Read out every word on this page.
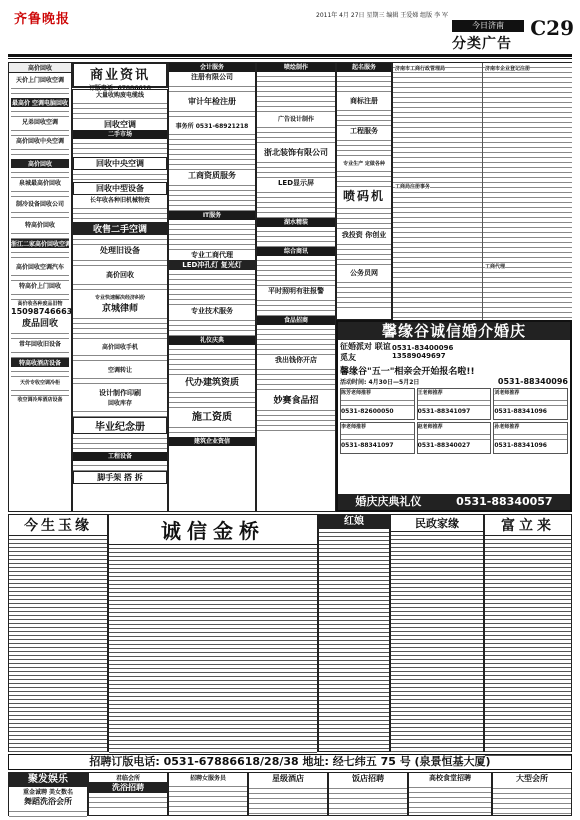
齐鲁晚报	2011年 4月 27日 星期三 编辑 王爱娣 组版 李 军
今日济南
分类广告
C29
高价回收
天价上门回收空调
最高价 空调电脑回收
兄弟回收空调
高价回收中央空调
高价回收
泉城最高价回收
制冷设备回收公司
特高价回收
浙江二家高价回收空调
高价回收空调汽车
特高价上门回收
高价收各种废品旧物
15098746663
废品回收
常年回收旧设备
特高收酒店设备
天价专收空调冷柜
收空调冷库酒店设备
商业资讯
订版电话: 67886618
大量收购废电缆线
回收空调
二手市场
回收中央空调
回收中型设备
长年收各种旧机械物资
收售二手空调
处理旧设备
高价回收
专业快速解决经济纠纷
京城律师
高价回收手机
空调转让
设计制作印刷
回收库存
毕业纪念册
工程设备
脚手架 搭 拆
会计服务
注册有限公司
审计年检注册
事务所 0531-68921218
工商资质服务
IT服务
专业工商代理
LED冲孔灯 复光灯
专业技术服务
礼仪庆典
代办建筑资质
施工资质
建筑企业资信
喷绘制作
广告设计制作
浙北装饰有限公司
LED显示屏
湖水精装
综合商讯
平时照明有驻报警
食品招商
我出钱你开店
妙赛食品招
起名服务
商标注册
工程服务
专业生产 定做各种
喷码机
我投资 你创业
公务员网
济南市工商行政管理局	济南市企业登记注册
工商局注册事务
工商代理
馨缘谷诚信婚介婚庆
征婚派对 联谊觅友
0531-83400096
13589049697
馨缘谷"五一"相亲会开始报名啦!!
活动时间: 4月30日—5月2日	0531-88340096
陈芳老师推荐
0531-82600050
王老师推荐
0531-88341097
刘老师推荐
0531-88341096
李老师推荐
0531-88341097
赵老师推荐
0531-88340027
孙老师推荐
0531-88341096
婚庆庆典礼仪	0531-88340057
今生玉缘	诚信金桥	红娘	民政家缘	富立来
招聘订版电话: 0531-67886618/28/38 地址: 经七纬五 75 号 (泉景恒基大厦)
聚发娱乐
重金诚聘 美女数名
舞蹈洗浴会所
君临会所
洗浴招聘
招聘女服务员	星级酒店	饭店招聘	高校食堂招聘	大型会所
